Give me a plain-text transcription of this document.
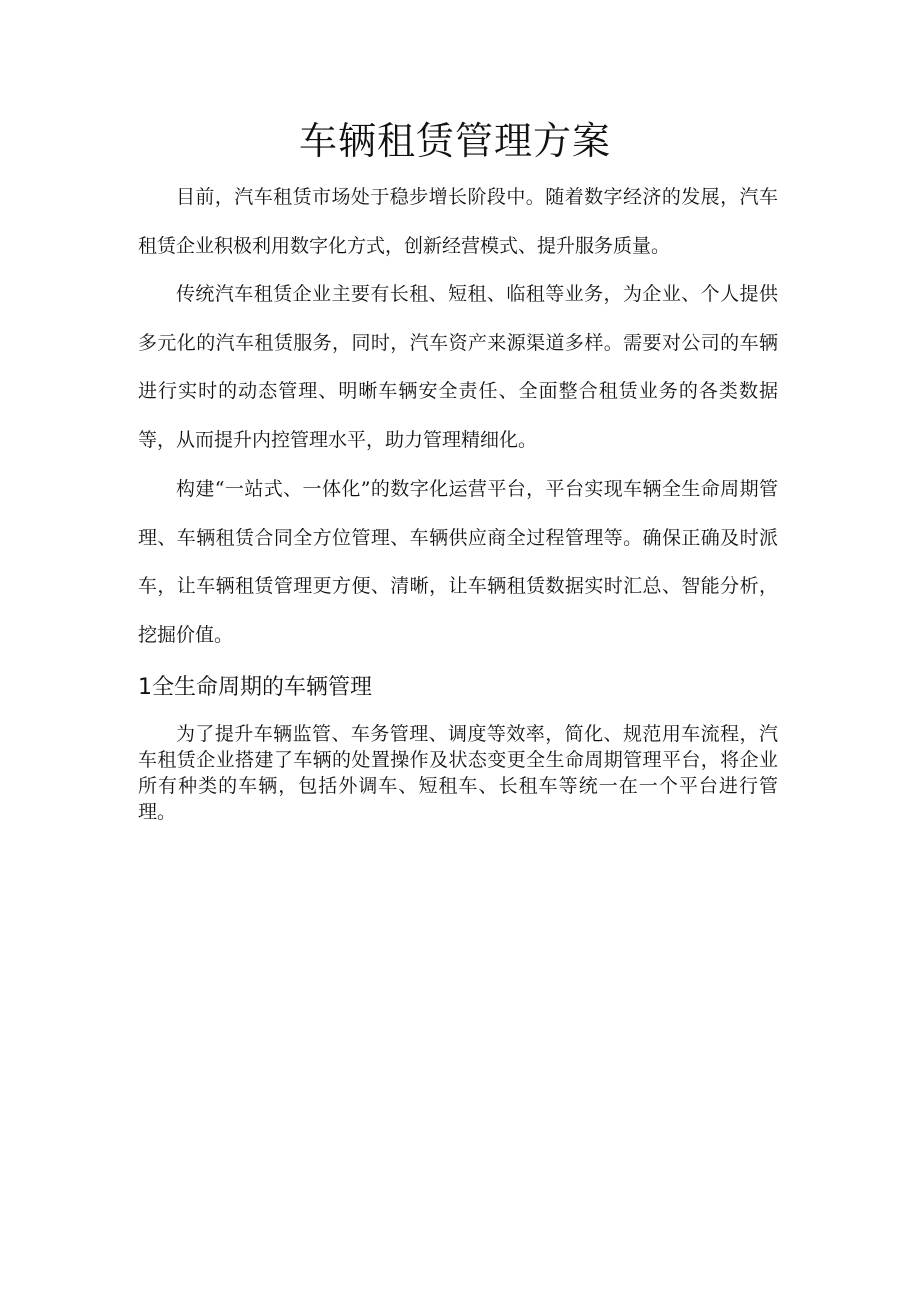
车辆租赁管理方案

目前，汽车租赁市场处于稳步增长阶段中。随着数字经济的发展，汽车租赁企业积极利用数字化方式，创新经营模式、提升服务质量。

传统汽车租赁企业主要有长租、短租、临租等业务，为企业、个人提供多元化的汽车租赁服务，同时，汽车资产来源渠道多样。需要对公司的车辆进行实时的动态管理、明晰车辆安全责任、全面整合租赁业务的各类数据等，从而提升内控管理水平，助力管理精细化。

构建“一站式、一体化”的数字化运营平台，平台实现车辆全生命周期管理、车辆租赁合同全方位管理、车辆供应商全过程管理等。确保正确及时派车，让车辆租赁管理更方便、清晰，让车辆租赁数据实时汇总、智能分析，挖掘价值。

1全生命周期的车辆管理

为了提升车辆监管、车务管理、调度等效率，简化、规范用车流程，汽车租赁企业搭建了车辆的处置操作及状态变更全生命周期管理平台，将企业所有种类的车辆，包括外调车、短租车、长租车等统一在一个平台进行管理。
